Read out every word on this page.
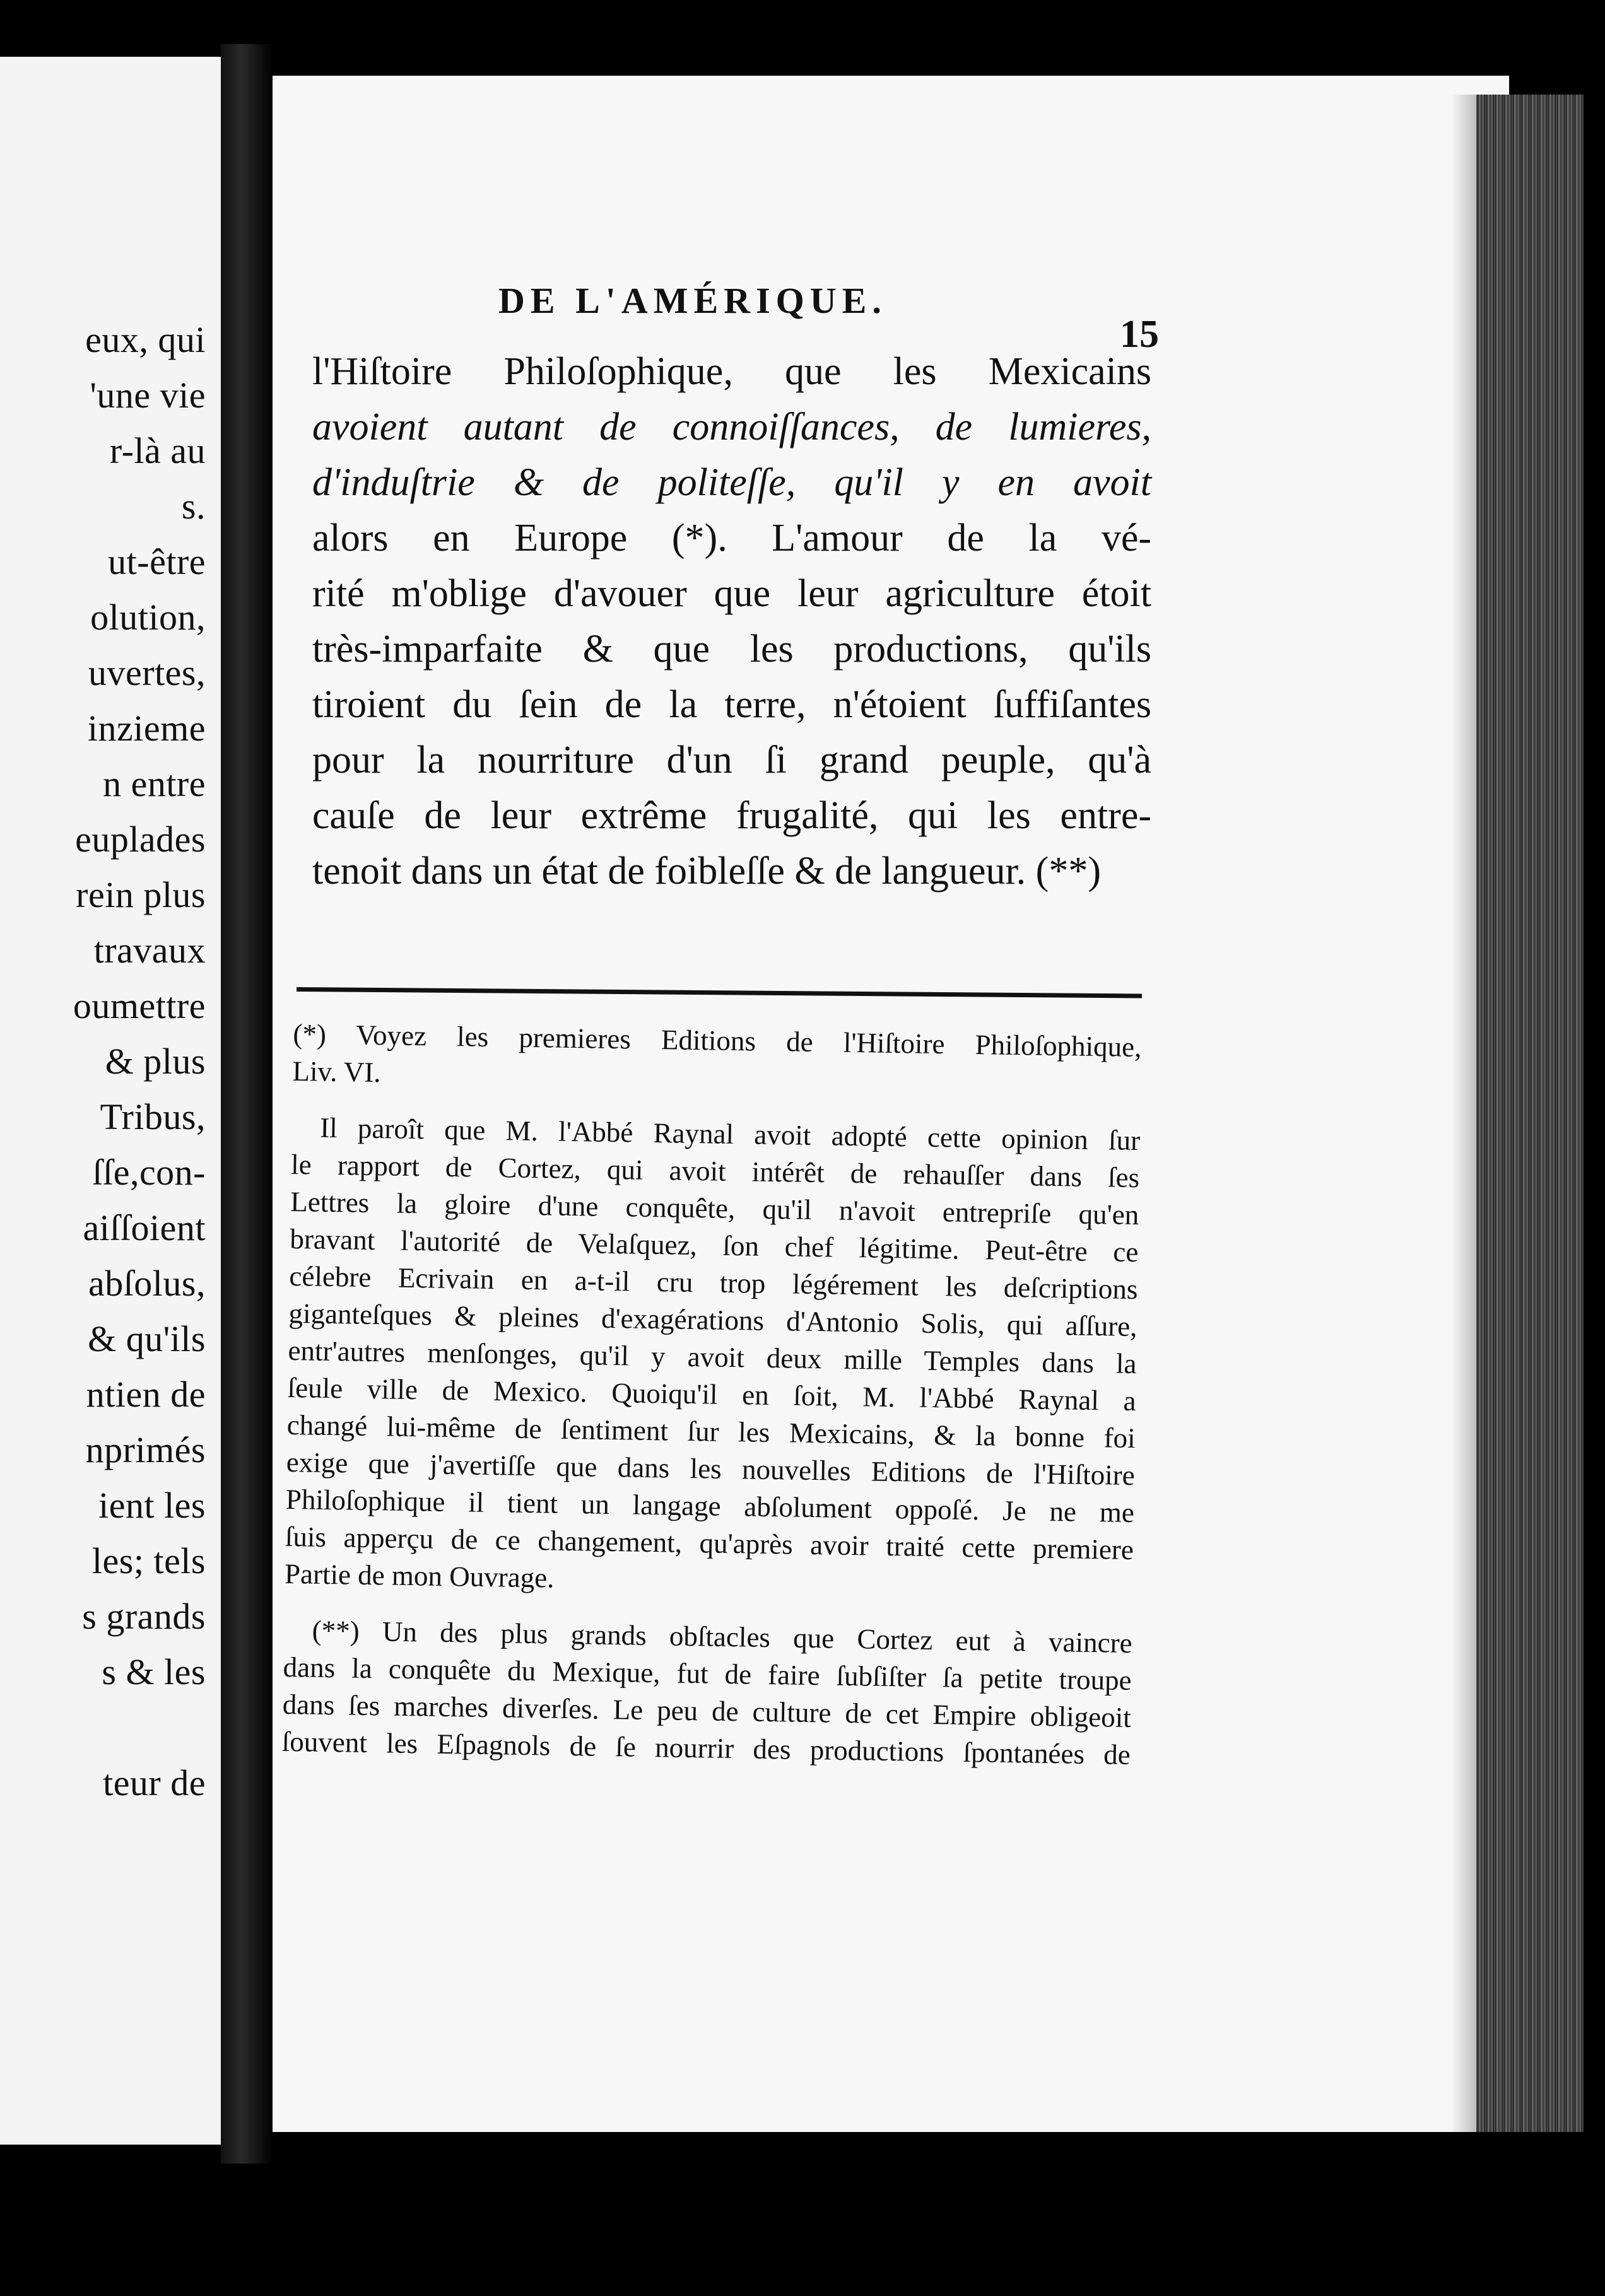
eux, qui
'une vie
r-là au
s.
ut-être
olution,
uvertes,
inzieme
n entre
euplades
rein plus
travaux
oumettre
& plus
Tribus,
ſſe,con-
aiſſoient
abſolus,
& qu'ils
ntien de
nprimés
ient les
les; tels
s grands
s & les

teur de
DE L'AMÉRIQUE.
15
l'Hiſtoire Philoſophique, que les Mexicains
avoient autant de connoiſſances, de lumieres,
d'induſtrie & de politeſſe, qu'il y en avoit
alors en Europe (*). L'amour de la vé-
rité m'oblige d'avouer que leur agriculture étoit
très-imparfaite & que les productions, qu'ils
tiroient du ſein de la terre, n'étoient ſuffiſantes
pour la nourriture d'un ſi grand peuple, qu'à
cauſe de leur extrême frugalité, qui les entre-
tenoit dans un état de foibleſſe & de langueur. (**)
(*) Voyez les premieres Editions de l'Hiſtoire Philoſophique,
Liv. VI.
Il paroît que M. l'Abbé Raynal avoit adopté cette opinion ſur
le rapport de Cortez, qui avoit intérêt de rehauſſer dans ſes
Lettres la gloire d'une conquête, qu'il n'avoit entrepriſe qu'en
bravant l'autorité de Velaſquez, ſon chef légitime. Peut-être ce
célebre Ecrivain en a-t-il cru trop légérement les deſcriptions
giganteſques & pleines d'exagérations d'Antonio Solis, qui aſſure,
entr'autres menſonges, qu'il y avoit deux mille Temples dans la
ſeule ville de Mexico. Quoiqu'il en ſoit, M. l'Abbé Raynal a
changé lui-même de ſentiment ſur les Mexicains, & la bonne foi
exige que j'avertiſſe que dans les nouvelles Editions de l'Hiſtoire
Philoſophique il tient un langage abſolument oppoſé. Je ne me
ſuis apperçu de ce changement, qu'après avoir traité cette premiere
Partie de mon Ouvrage.
(**) Un des plus grands obſtacles que Cortez eut à vaincre
dans la conquête du Mexique, fut de faire ſubſiſter ſa petite troupe
dans ſes marches diverſes. Le peu de culture de cet Empire obligeoit
ſouvent les Eſpagnols de ſe nourrir des productions ſpontanées de
